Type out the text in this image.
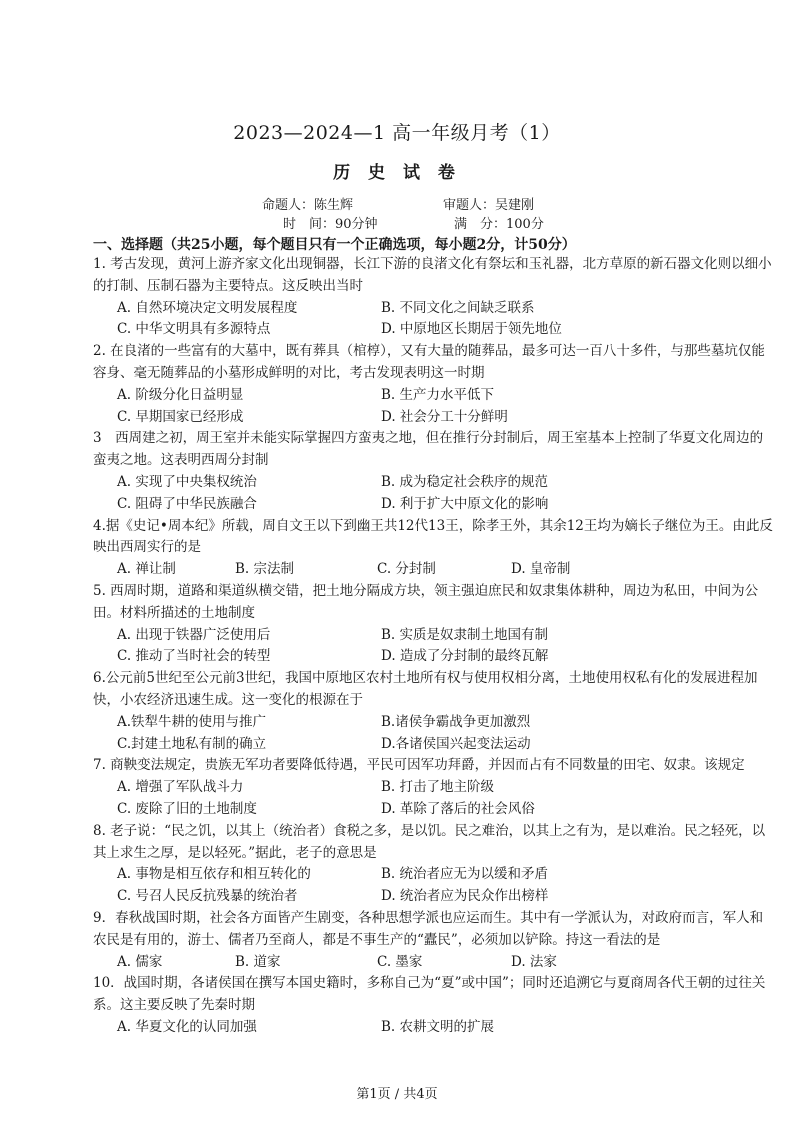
2023—2024—1 高一年级月考（1）
历 史 试 卷
命题人：陈生辉	审题人：吴建刚
时　间：90分钟	满　分：100分
一、选择题（共25小题，每个题目只有一个正确选项，每小题2分，计50分）
1. 考古发现，黄河上游齐家文化出现铜器，长江下游的良渚文化有祭坛和玉礼器，北方草原的新石器文化则以细小的打制、压制石器为主要特点。这反映出当时
A. 自然环境决定文明发展程度	B. 不同文化之间缺乏联系
C. 中华文明具有多源特点	D. 中原地区长期居于领先地位
2. 在良渚的一些富有的大墓中，既有葬具（棺椁），又有大量的随葬品，最多可达一百八十多件，与那些墓坑仅能容身、毫无随葬品的小墓形成鲜明的对比，考古发现表明这一时期
A. 阶级分化日益明显	B. 生产力水平低下
C. 早期国家已经形成	D. 社会分工十分鲜明
3　西周建之初，周王室并未能实际掌握四方蛮夷之地，但在推行分封制后，周王室基本上控制了华夏文化周边的蛮夷之地。这表明西周分封制
A. 实现了中央集权统治	B. 成为稳定社会秩序的规范
C. 阻碍了中华民族融合	D. 利于扩大中原文化的影响
4.据《史记•周本纪》所载，周自文王以下到幽王共12代13王，除孝王外，其余12王均为嫡长子继位为王。由此反映出西周实行的是
A. 禅让制	B. 宗法制	C. 分封制	D. 皇帝制
5. 西周时期，道路和渠道纵横交错，把土地分隔成方块，领主强迫庶民和奴隶集体耕种，周边为私田，中间为公田。材料所描述的土地制度
A. 出现于铁器广泛使用后	B. 实质是奴隶制土地国有制
C. 推动了当时社会的转型	D. 造成了分封制的最终瓦解
6.公元前5世纪至公元前3世纪，我国中原地区农村土地所有权与使用权相分离，土地使用权私有化的发展进程加快，小农经济迅速生成。这一变化的根源在于
A.铁犁牛耕的使用与推广	B.诸侯争霸战争更加激烈
C.封建土地私有制的确立	D.各诸侯国兴起变法运动
7. 商鞅变法规定，贵族无军功者要降低待遇，平民可因军功拜爵，并因而占有不同数量的田宅、奴隶。该规定
A. 增强了军队战斗力	B. 打击了地主阶级
C. 废除了旧的土地制度	D. 革除了落后的社会风俗
8. 老子说：“民之饥，以其上（统治者）食税之多，是以饥。民之难治，以其上之有为，是以难治。民之轻死，以其上求生之厚，是以轻死。”据此，老子的意思是
A. 事物是相互依存和相互转化的	B. 统治者应无为以缓和矛盾
C. 号召人民反抗残暴的统治者	D. 统治者应为民众作出榜样
9．春秋战国时期，社会各方面皆产生剧变，各种思想学派也应运而生。其中有一学派认为，对政府而言，军人和农民是有用的，游士、儒者乃至商人，都是不事生产的“蠹民”，必须加以铲除。持这一看法的是
A. 儒家	B. 道家	C. 墨家	D. 法家
10．战国时期，各诸侯国在撰写本国史籍时，多称自己为“夏”或中国”；同时还追溯它与夏商周各代王朝的过往关系。这主要反映了先秦时期
A. 华夏文化的认同加强	B. 农耕文明的扩展
第1页 / 共4页
